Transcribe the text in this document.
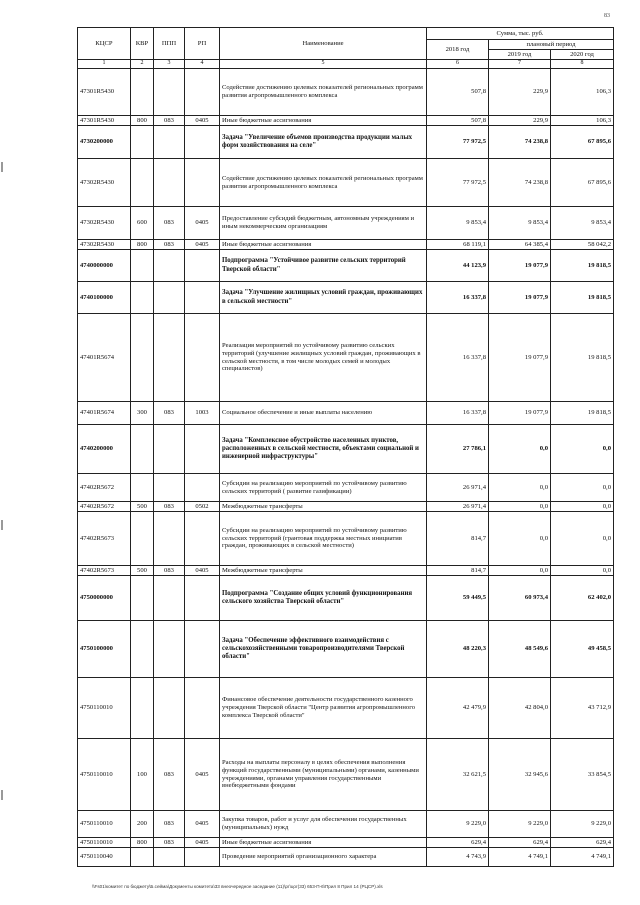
83
КЦСР	КВР	ППП	РП	Наименование	Сумма, тыс. руб.		
					2018 год	плановый период	
						2019 год	2020 год
1	2	3	4	5	6	7	8
47301R5430				Содействие достижению целевых показателей региональных программ развития агропромышленного комплекса	507,8	229,9	106,3
47301R5430	800	083	0405	Иные бюджетные ассигнования	507,8	229,9	106,3
4730200000				Задача "Увеличение объемов производства продукции малых форм хозяйствования на селе"	77 972,5	74 238,8	67 895,6
47302R5430				Содействие достижению целевых показателей региональных программ развития агропромышленного комплекса	77 972,5	74 238,8	67 895,6
47302R5430	600	083	0405	Предоставление субсидий бюджетным, автономным учреждениям и иным некоммерческим организациям	9 853,4	9 853,4	9 853,4
47302R5430	800	083	0405	Иные бюджетные ассигнования	68 119,1	64 385,4	58 042,2
4740000000				Подпрограмма "Устойчивое развитие сельских территорий Тверской области"	44 123,9	19 077,9	19 818,5
4740100000				Задача "Улучшение жилищных условий граждан, проживающих в сельской местности"	16 337,8	19 077,9	19 818,5
47401R5674				Реализация мероприятий по устойчивому развитию сельских территорий (улучшение жилищных условий граждан, проживающих в сельской местности, в том числе молодых семей и молодых специалистов)	16 337,8	19 077,9	19 818,5
47401R5674	300	083	1003	Социальное обеспечение и иные выплаты населению	16 337,8	19 077,9	19 818,5
4740200000				Задача "Комплексное обустройство населенных пунктов, расположенных в сельской местности, объектами социальной и инженерной инфраструктуры"	27 786,1	0,0	0,0
47402R5672				Субсидии на реализацию мероприятий по устойчивому развитию сельских территорий ( развитие газификации)	26 971,4	0,0	0,0
47402R5672	500	083	0502	Межбюджетные трансферты	26 971,4	0,0	0,0
47402R5673				Субсидии на реализацию мероприятий по устойчивому развитию сельских территорий (грантовая поддержка местных инициатив граждан, проживающих в сельской местности)	814,7	0,0	0,0
47402R5673	500	083	0405	Межбюджетные трансферты	814,7	0,0	0,0
4750000000				Подпрограмма "Создание общих условий функционирования сельского хозяйства Тверской области"	59 449,5	60 973,4	62 402,0
4750100000				Задача "Обеспечение эффективного взаимодействия с сельскохозяйственными товаропроизводителями Тверской области"	48 220,3	48 549,6	49 458,5
4750110010				Финансовое обеспечение деятельности государственного казенного учреждения Тверской области "Центр развития агропромышленного комплекса Тверской области"	42 479,9	42 804,0	43 712,9
4750110010	100	083	0405	Расходы на выплаты персоналу в целях обеспечения выполнения функций государственными (муниципальными) органами, казенными учреждениями, органами управления государственными внебюджетными фондами	32 621,5	32 945,6	33 854,5
4750110010	200	083	0405	Закупка товаров, работ и услуг для обеспечения государственных (муниципальных) нужд	9 229,0	9 229,0	9 229,0
4750110010	800	083	0405	Иные бюджетные ассигнования	629,4	629,4	629,4
4750110040				Проведение мероприятий организационного характера	4 743,9	4 749,1	4 749,1
\\Fs01\комитет по бюджету\Б.сейма\Документы комитета\33 внеочередное заседание (11)\рг\цог(33) 653-П-6\Прил 8 Прил 14 (РЦСР).xls
